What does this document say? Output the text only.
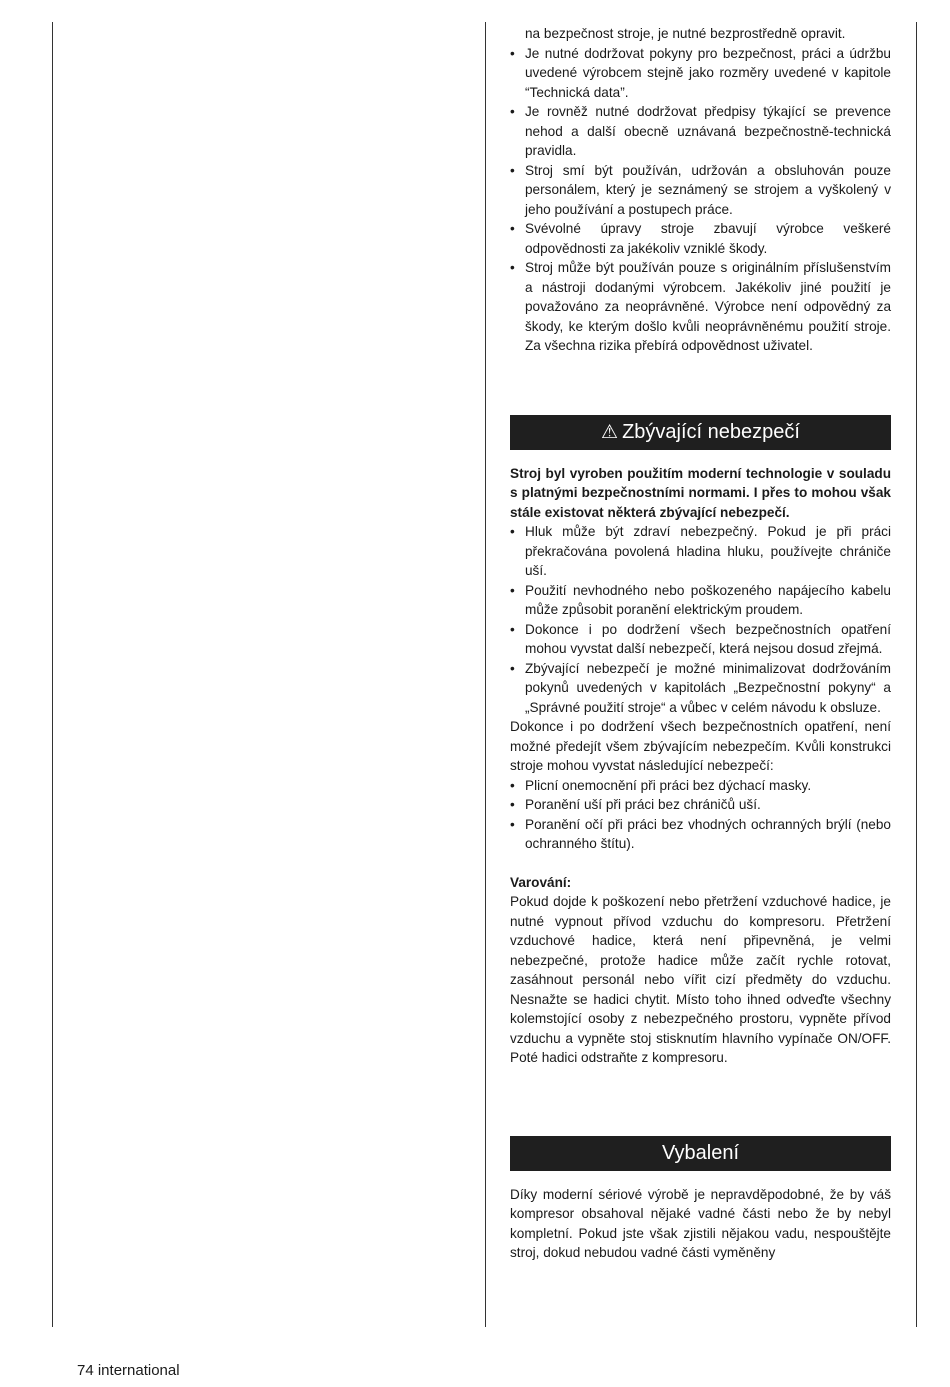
na bezpečnost stroje, je nutné bezprostředně opravit.

• Je nutné dodržovat pokyny pro bezpečnost, práci a údržbu uvedené výrobcem stejně jako rozměry uvedené v kapitole “Technická data”.
• Je rovněž nutné dodržovat předpisy týkající se prevence nehod a další obecně uznávaná bezpečnostně-technická pravidla.
• Stroj smí být používán, udržován a obsluhován pouze personálem, který je seznámený se strojem a vyškolený v jeho používání a postupech práce.
• Svévolné úpravy stroje zbavují výrobce veškeré odpovědnosti za jakékoliv vzniklé škody.
• Stroj může být používán pouze s originálním příslušenstvím a nástroji dodanými výrobcem. Jakékoliv jiné použití je považováno za neoprávněné. Výrobce není odpovědný za škody, ke kterým došlo kvůli neoprávněnému použití stroje. Za všechna rizika přebírá odpovědnost uživatel.
⚠ Zbývající nebezpečí

Stroj byl vyroben použitím moderní technologie v souladu s platnými bezpečnostními normami. I přes to mohou však stále existovat některá zbývající nebezpečí.

• Hluk může být zdraví nebezpečný. Pokud je při práci překračována povolená hladina hluku, používejte chrániče uší.
• Použití nevhodného nebo poškozeného napájecího kabelu může způsobit poranění elektrickým proudem.
• Dokonce i po dodržení všech bezpečnostních opatření mohou vyvstat další nebezpečí, která nejsou dosud zřejmá.
• Zbývající nebezpečí je možné minimalizovat dodržováním pokynů uvedených v kapitolách „Bezpečnostní pokyny“ a „Správné použití stroje“ a vůbec v celém návodu k obsluze.

Dokonce i po dodržení všech bezpečnostních opatření, není možné předejít všem zbývajícím nebezpečím. Kvůli konstrukci stroje mohou vyvstat následující nebezpečí:

• Plicní onemocnění při práci bez dýchací masky.
• Poranění uší při práci bez chráničů uší.
• Poranění očí při práci bez vhodných ochranných brýlí (nebo ochranného štítu).

Varování:

Pokud dojde k poškození nebo přetržení vzduchové hadice, je nutné vypnout přívod vzduchu do kompresoru. Přetržení vzduchové hadice, která není připevněná, je velmi nebezpečné, protože hadice může začít rychle rotovat, zasáhnout personál nebo vířit cizí předměty do vzduchu. Nesnažte se hadici chytit. Místo toho ihned odveďte všechny kolemstojící osoby z nebezpečného prostoru, vypněte přívod vzduchu a vypněte stoj stisknutím hlavního vypínače ON/OFF. Poté hadici odstraňte z kompresoru.

Vybalení

Díky moderní sériové výrobě je nepravděpodobné, že by váš kompresor obsahoval nějaké vadné části nebo že by nebyl kompletní. Pokud jste však zjistili nějakou vadu, nespouštějte stroj, dokud nebudou vadné části vyměněny

74 international
